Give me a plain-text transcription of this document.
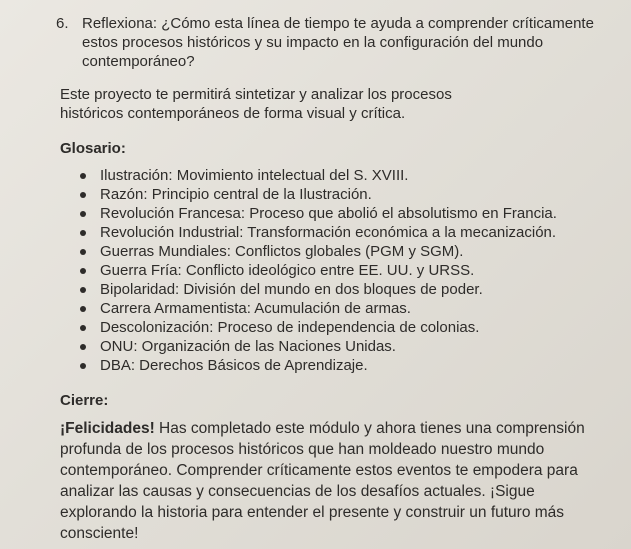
6. Reflexiona: ¿Cómo esta línea de tiempo te ayuda a comprender críticamente estos procesos históricos y su impacto en la configuración del mundo contemporáneo?
Este proyecto te permitirá sintetizar y analizar los procesos históricos contemporáneos de forma visual y crítica.
Glosario:
Ilustración: Movimiento intelectual del S. XVIII.
Razón: Principio central de la Ilustración.
Revolución Francesa: Proceso que abolió el absolutismo en Francia.
Revolución Industrial: Transformación económica a la mecanización.
Guerras Mundiales: Conflictos globales (PGM y SGM).
Guerra Fría: Conflicto ideológico entre EE. UU. y URSS.
Bipolaridad: División del mundo en dos bloques de poder.
Carrera Armamentista: Acumulación de armas.
Descolonización: Proceso de independencia de colonias.
ONU: Organización de las Naciones Unidas.
DBA: Derechos Básicos de Aprendizaje.
Cierre:
¡Felicidades! Has completado este módulo y ahora tienes una comprensión profunda de los procesos históricos que han moldeado nuestro mundo contemporáneo. Comprender críticamente estos eventos te empodera para analizar las causas y consecuencias de los desafíos actuales. ¡Sigue explorando la historia para entender el presente y construir un futuro más consciente!
